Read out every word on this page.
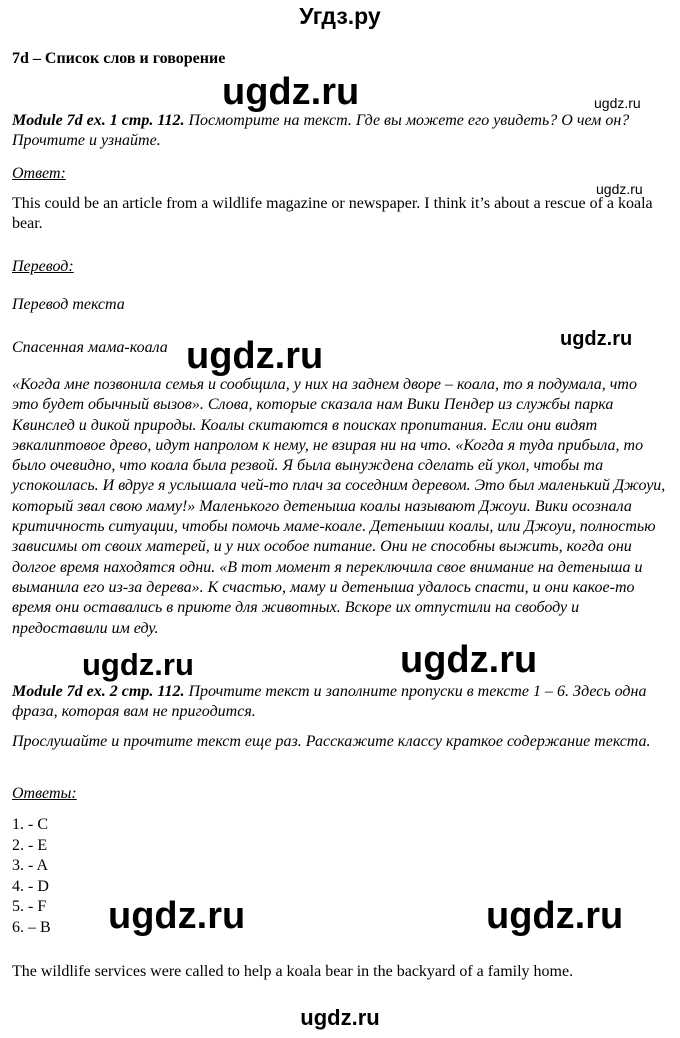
Угдз.ру
ugdz.ru	ugdz.ru
ugdz.ru
ugdz.ru
ugdz.ru
ugdz.ru	ugdz.ru
ugdz.ru	ugdz.ru
7d – Список слов и говорение
Module 7d ex. 1 стр. 112. Посмотрите на текст. Где вы можете его увидеть? О чем он? Прочтите и узнайте.
Ответ:
This could be an article from a wildlife magazine or newspaper. I think it’s about a rescue of a koala bear.
Перевод:
Перевод текста
Спасенная мама-коала
«Когда мне позвонила семья и сообщила, у них на заднем дворе – коала, то я подумала, что это будет обычный вызов». Слова, которые сказала нам Вики Пендер из службы парка Квинслед и дикой природы. Коалы скитаются в поисках пропитания. Если они видят эвкалиптовое древо, идут напролом к нему, не взирая ни на что. «Когда я туда прибыла, то было очевидно, что коала была резвой. Я была вынуждена сделать ей укол, чтобы та успокоилась. И вдруг я услышала чей-то плач за соседним деревом. Это был маленький Джоуи, который звал свою маму!» Маленького детеныша коалы называют Джоуи. Вики осознала критичность ситуации, чтобы помочь маме-коале. Детеныши коалы, или Джоуи, полностью зависимы от своих матерей, и у них особое питание. Они не способны выжить, когда они долгое время находятся одни. «В тот момент я переключила свое внимание на детеныша и выманила его из-за дерева». К счастью, маму и детеныша удалось спасти, и они какое-то время они оставались в приюте для животных. Вскоре их отпустили на свободу и предоставили им еду.
Module 7d ex. 2 стр. 112. Прочтите текст и заполните пропуски в тексте 1 – 6. Здесь одна фраза, которая вам не пригодится.
Прослушайте и прочтите текст еще раз. Расскажите классу краткое содержание текста.
Ответы:
1. - C
2. - E
3. - A
4. - D
5. - F
6. – B
The wildlife services were called to help a koala bear in the backyard of a family home.
ugdz.ru
